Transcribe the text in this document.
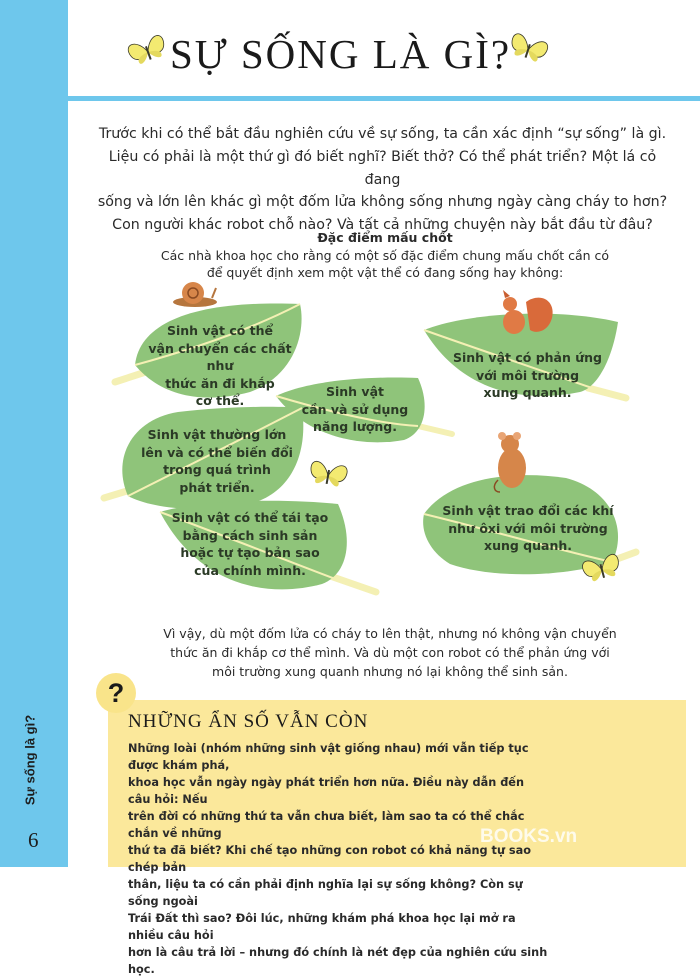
Sự sống là gì?
6
SỰ SỐNG LÀ GÌ?
Trước khi có thể bắt đầu nghiên cứu về sự sống, ta cần xác định “sự sống” là gì.
Liệu có phải là một thứ gì đó biết nghĩ? Biết thở? Có thể phát triển? Một lá cỏ đang
sống và lớn lên khác gì một đốm lửa không sống nhưng ngày càng cháy to hơn?
Con người khác robot chỗ nào? Và tất cả những chuyện này bắt đầu từ đâu?
Đặc điểm mấu chốt
Các nhà khoa học cho rằng có một số đặc điểm chung mấu chốt cần có
để quyết định xem một vật thể có đang sống hay không:
Sinh vật có thể
vận chuyển các chất như
thức ăn đi khắp
cơ thể.
Sinh vật có phản ứng
với môi trường
xung quanh.
Sinh vật
cần và sử dụng
năng lượng.
Sinh vật thường lớn
lên và có thể biến đổi
trong quá trình
phát triển.
Sinh vật trao đổi các khí
như ôxi với môi trường
xung quanh.
Sinh vật có thể tái tạo
bằng cách sinh sản
hoặc tự tạo bản sao
của chính mình.
Vì vậy, dù một đốm lửa có cháy to lên thật, nhưng nó không vận chuyển
thức ăn đi khắp cơ thể mình. Và dù một con robot có thể phản ứng với
môi trường xung quanh nhưng nó lại không thể sinh sản.
?
NHỮNG ẨN SỐ VẪN CÒN
Những loài (nhóm những sinh vật giống nhau) mới vẫn tiếp tục được khám phá,
khoa học vẫn ngày ngày phát triển hơn nữa. Điều này dẫn đến câu hỏi: Nếu
trên đời có những thứ ta vẫn chưa biết, làm sao ta có thể chắc chắn về những
thứ ta đã biết? Khi chế tạo những con robot có khả năng tự sao chép bản
thân, liệu ta có cần phải định nghĩa lại sự sống không? Còn sự sống ngoài
Trái Đất thì sao? Đôi lúc, những khám phá khoa học lại mở ra nhiều câu hỏi
hơn là câu trả lời – nhưng đó chính là nét đẹp của nghiên cứu sinh học.
BOOKS.vn
